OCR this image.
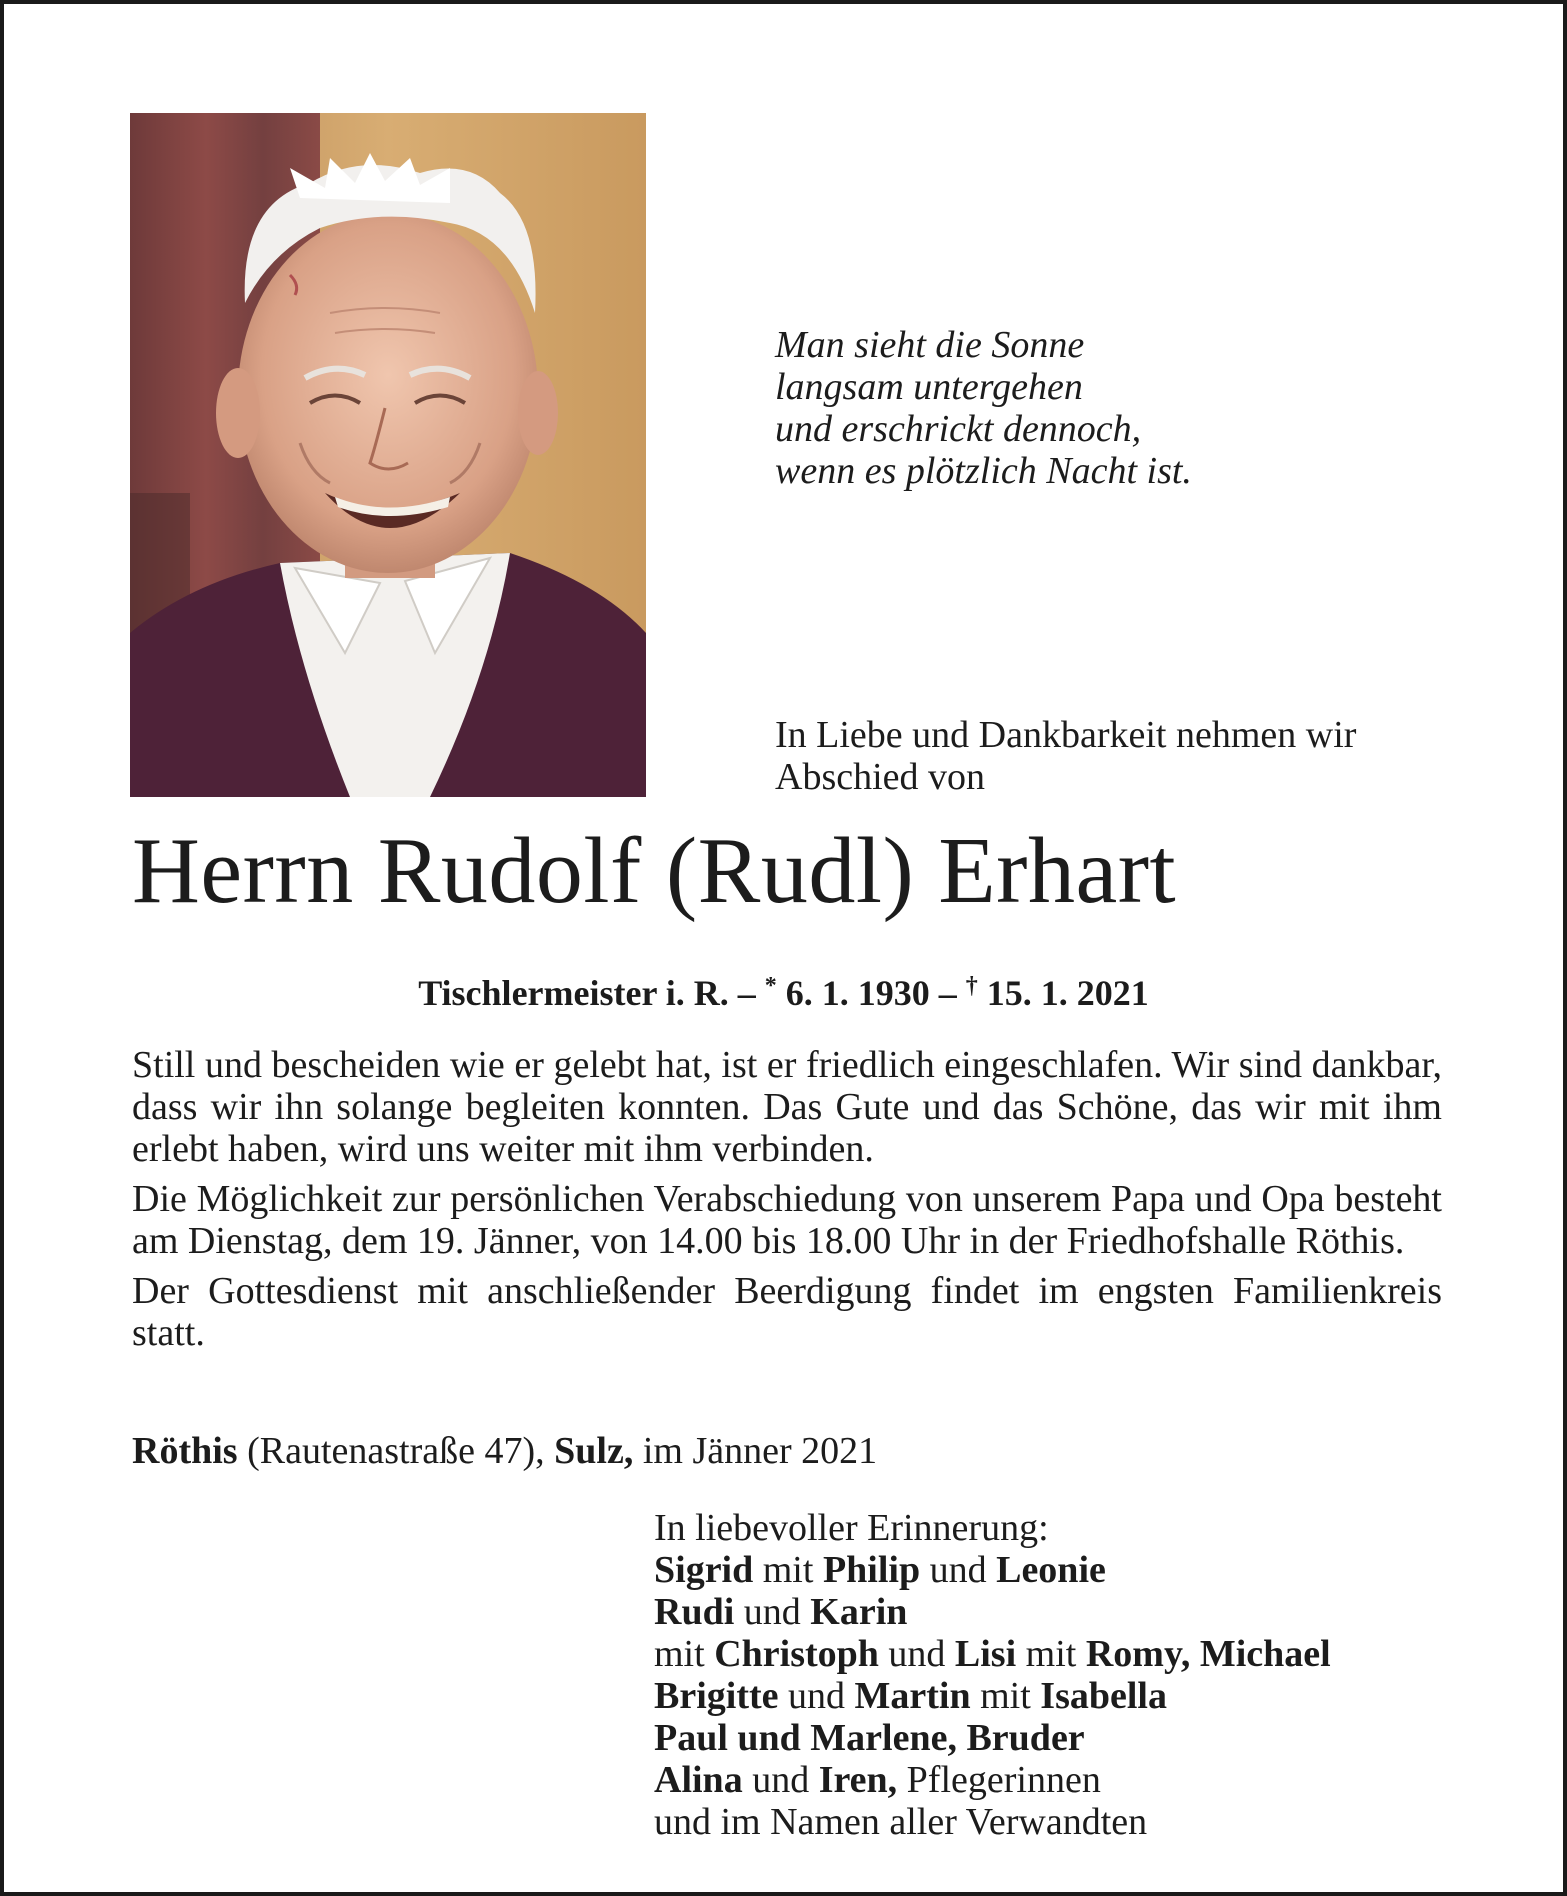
Man sieht die Sonne
langsam untergehen
und erschrickt dennoch,
wenn es plötzlich Nacht ist.
In Liebe und Dankbarkeit nehmen wir
Abschied von
Herrn Rudolf (Rudl) Erhart
Tischlermeister i. R. – * 6. 1. 1930 – † 15. 1. 2021

Still und bescheiden wie er gelebt hat, ist er friedlich eingeschlafen. Wir sind dankbar, dass wir ihn solange begleiten konnten. Das Gute und das Schöne, das wir mit ihm erlebt haben, wird uns weiter mit ihm verbinden.

Die Möglichkeit zur persönlichen Verabschiedung von unserem Papa und Opa besteht am Dienstag, dem 19. Jänner, von 14.00 bis 18.00 Uhr in der Friedhofshalle Röthis.

Der Gottesdienst mit anschließender Beerdigung findet im engsten Familienkreis statt.

Röthis (Rautenastraße 47), Sulz, im Jänner 2021
In liebevoller Erinnerung:
Sigrid mit Philip und Leonie
Rudi und Karin
mit Christoph und Lisi mit Romy, Michael
Brigitte und Martin mit Isabella
Paul und Marlene, Bruder
Alina und Iren, Pflegerinnen
und im Namen aller Verwandten
